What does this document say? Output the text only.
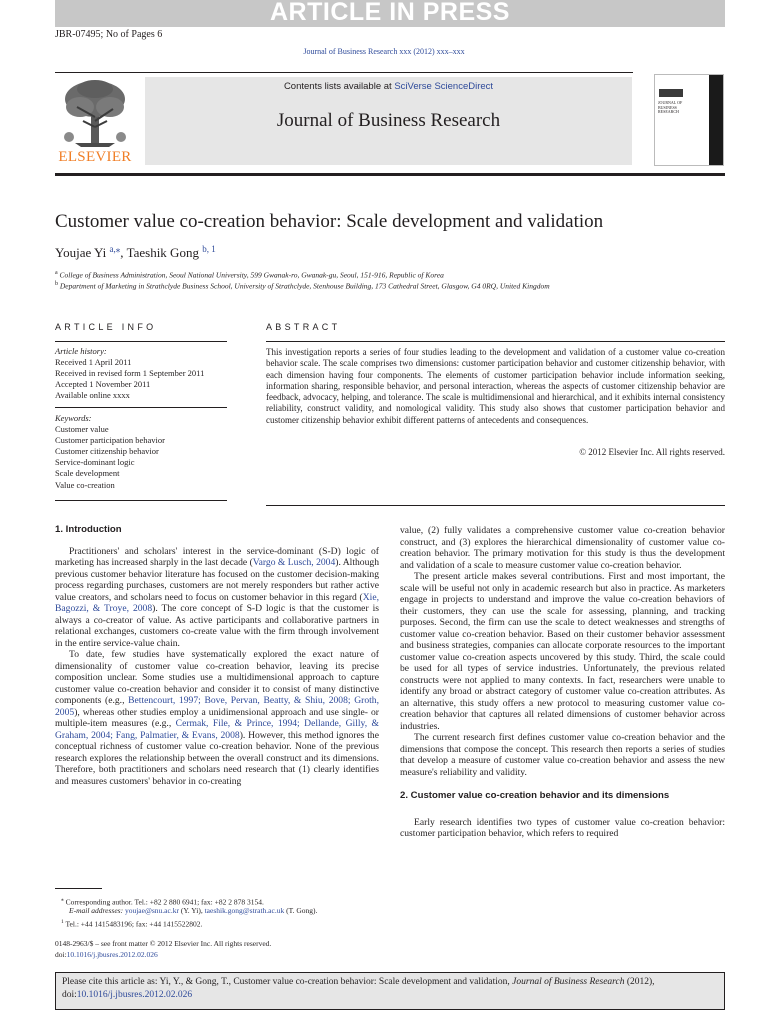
ARTICLE IN PRESS
JBR-07495; No of Pages 6
Journal of Business Research xxx (2012) xxx–xxx
ELSEVIER
Contents lists available at SciVerse ScienceDirect
Journal of Business Research
JOURNAL OF BUSINESS RESEARCH
Customer value co-creation behavior: Scale development and validation
Youjae Yi $^{a,⁎}$, Taeshik Gong $^{b, 1}$
$^a$ College of Business Administration, Seoul National University, 599 Gwanak-ro, Gwanak-gu, Seoul, 151-916, Republic of Korea
$^b$ Department of Marketing in Strathclyde Business School, University of Strathclyde, Stenhouse Building, 173 Cathedral Street, Glasgow, G4 0RQ, United Kingdom
ARTICLE INFO	ABSTRACT
Article history:
Received 1 April 2011
Received in revised form 1 September 2011
Accepted 1 November 2011
Available online xxxx
Keywords:
Customer value
Customer participation behavior
Customer citizenship behavior
Service-dominant logic
Scale development
Value co-creation
This investigation reports a series of four studies leading to the development and validation of a customer value co-creation behavior scale. The scale comprises two dimensions: customer participation behavior and customer citizenship behavior, with each dimension having four components. The elements of customer participation behavior include information seeking, information sharing, responsible behavior, and personal interaction, whereas the aspects of customer citizenship behavior are feedback, advocacy, helping, and tolerance. The scale is multidimensional and hierarchical, and it exhibits internal consistency reliability, construct validity, and nomological validity. This study also shows that customer participation behavior and customer citizenship behavior exhibit different patterns of antecedents and consequences.
© 2012 Elsevier Inc. All rights reserved.
1. Introduction

Practitioners' and scholars' interest in the service-dominant (S-D) logic of marketing has increased sharply in the last decade (Vargo & Lusch, 2004). Although previous customer behavior literature has focused on the customer decision-making process regarding purchases, customers are not merely responders but rather active value creators, and scholars need to focus on customer behavior in this regard (Xie, Bagozzi, & Troye, 2008). The core concept of S-D logic is that the customer is always a co-creator of value. As active participants and collaborative partners in relational exchanges, customers co-create value with the firm through involvement in the entire service-value chain.

To date, few studies have systematically explored the exact nature of dimensionality of customer value co-creation behavior, leaving its precise composition unclear. Some studies use a multidimensional approach to capture customer value co-creation behavior and consider it to consist of many distinctive components (e.g., Bettencourt, 1997; Bove, Pervan, Beatty, & Shiu, 2008; Groth, 2005), whereas other studies employ a unidimensional approach and use single- or multiple-item measures (e.g., Cermak, File, & Prince, 1994; Dellande, Gilly, & Graham, 2004; Fang, Palmatier, & Evans, 2008). However, this method ignores the conceptual richness of customer value co-creation behavior. None of the previous research explores the relationship between the overall construct and its dimensions. Therefore, both practitioners and scholars need research that (1) clearly identifies and measures customers' behavior in co-creating

value, (2) fully validates a comprehensive customer value co-creation behavior construct, and (3) explores the hierarchical dimensionality of customer value co-creation behavior. The primary motivation for this study is thus the development and validation of a scale to measure customer value co-creation behavior.

The present article makes several contributions. First and most important, the scale will be useful not only in academic research but also in practice. As marketers engage in projects to understand and improve the value co-creation behaviors of their customers, they can use the scale for assessing, planning, and tracking purposes. Second, the firm can use the scale to detect weaknesses and strengths of customer value co-creation behavior. Based on their customer behavior assessment and business strategies, companies can allocate corporate resources to the important customer value co-creation aspects uncovered by this study. Third, the scale could be used for all types of service industries. Unfortunately, the previous related constructs were not applied to many contexts. In fact, researchers were unable to identify any broad or abstract category of customer value co-creation attributes. As an alternative, this study offers a new protocol to measuring customer value co-creation behavior that captures all related dimensions of customer behavior across industries.

The current research first defines customer value co-creation behavior and the dimensions that compose the concept. This research then reports a series of studies that develop a measure of customer value co-creation behavior and assess the new measure's reliability and validity.

2. Customer value co-creation behavior and its dimensions

Early research identifies two types of customer value co-creation behavior: customer participation behavior, which refers to required

⁎ Corresponding author. Tel.: +82 2 880 6941; fax: +82 2 878 3154.
E-mail addresses: youjae@snu.ac.kr (Y. Yi), taeshik.gong@strath.ac.uk (T. Gong).
$^1$ Tel.: +44 1415483196; fax: +44 1415522802.
0148-2963/$ – see front matter © 2012 Elsevier Inc. All rights reserved.
doi:10.1016/j.jbusres.2012.02.026
Please cite this article as: Yi, Y., & Gong, T., Customer value co-creation behavior: Scale development and validation, Journal of Business Research (2012), doi:10.1016/j.jbusres.2012.02.026
